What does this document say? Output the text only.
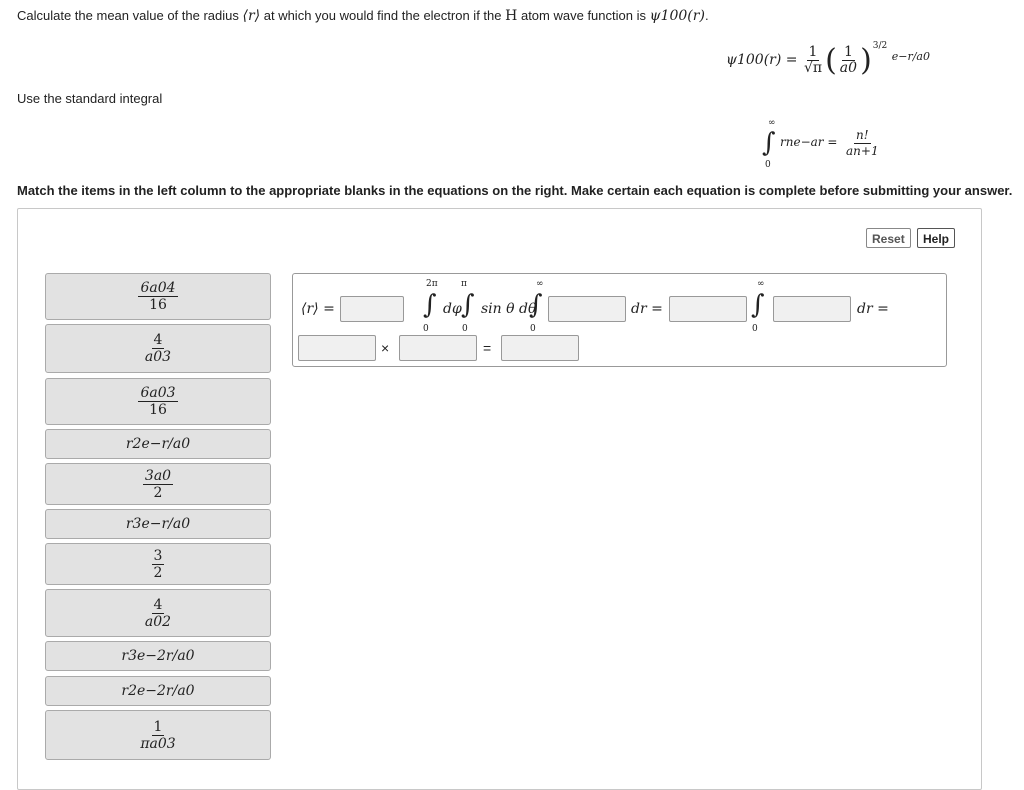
Calculate the mean value of the radius ⟨r⟩ at which you would find the electron if the H atom wave function is ψ100(r).
ψ100(r) =
$\frac{1}{√\pi}$ ( $\frac{1}{a0} )^{3/2}$

$^{e-r/a0}$
Use the standard integral
∞
∫
0
$rne-ar = \frac{n!}{an+1}$
Match the items in the left column to the appropriate blanks in the equations on the right. Make certain each equation is complete before submitting your answer.
Reset	Help
$\frac{6a04}{16}$
$\frac{4}{a03}$
$\frac{6a03}{16}$
r2e−r/a0
$\frac{3a0}{2}$
r3e−r/a0
$\frac{3}{2}$
$\frac{4}{a02}$
r3e−2r/a0
r2e−2r/a0
$\frac{1}{\pi a03}$
⟨r⟩ =
2π
∫
0
dφ
π
∫
0
sin θ dθ
∞
∫
0
dr =
∞
∫
0
dr =
×	=
